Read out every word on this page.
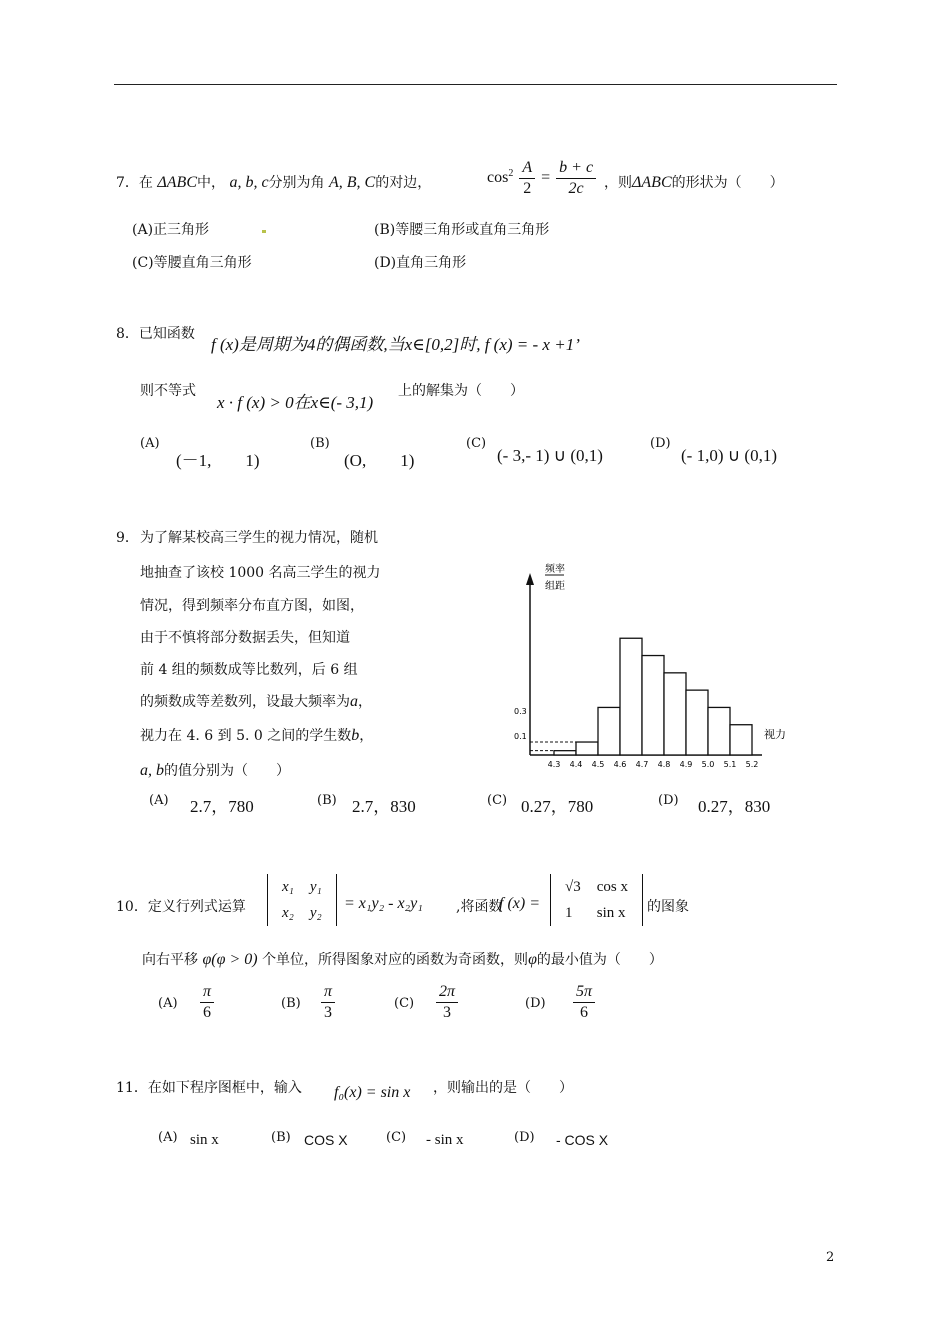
7．在 ΔABC中， a, b, c分别为角 A, B, C的对边，	$\cos^2 \frac{A}{2} = \frac{b + c}{2c}$ ，则ΔABC的形状为（　　）
(A)正三角形	(B)等腰三角形或直角三角形
(C)等腰直角三角形	(D)直角三角形
8．已知函数
f (x)是周期为4的偶函数,当x∈[0,2]时, f (x) = - x +1’
则不等式
x · f (x) > 0在x∈(- 3,1)
上的解集为（　　）
(A)
(－1,　　1)
(B)
(O,　　1)
(C)
(- 3,- 1) ∪ (0,1)
(D)
(- 1,0) ∪ (0,1)
9． 为了解某校高三学生的视力情况，随机
地抽查了该校 1000 名高三学生的视力
情况，得到频率分布直方图，如图，
由于不慎将部分数据丢失，但知道
前 4 组的频数成等比数列，后 6 组
的频数成等差数列，设最大频率为a，
视力在 4. 6 到 5. 0 之间的学生数b，
a, b的值分别为（　　）
频率
组距
视力
0.3
0.1
4.3 4.4 4.5 4.6 4.7 4.8 4.9 5.0 5.1 5.2
(A) 2.7，780	(B) 2.7，830	(C) 0.27，780	(D) 0.27，830
10．定义行列式运算
x₁	y₁
x₂	y₂
= x₁y₂ - x₂y₁ ,将函数
f (x) =
√3	cos x
1	sin x 的图象
向右平移 φ(φ > 0) 个单位，所得图象对应的函数为奇函数，则φ的最小值为（　　）
$(A) \frac{\pi}{6}$	$(B) \frac{\pi}{3}$	$(C) \frac{2\pi}{3}$	$(D) \frac{5\pi}{6}$
11．在如下程序图框中，输入 f₀(x) = sin x ，则输出的是（　　）
(A) sin x	(B) COS X	(C) - sin x	(D) - COS X
2
